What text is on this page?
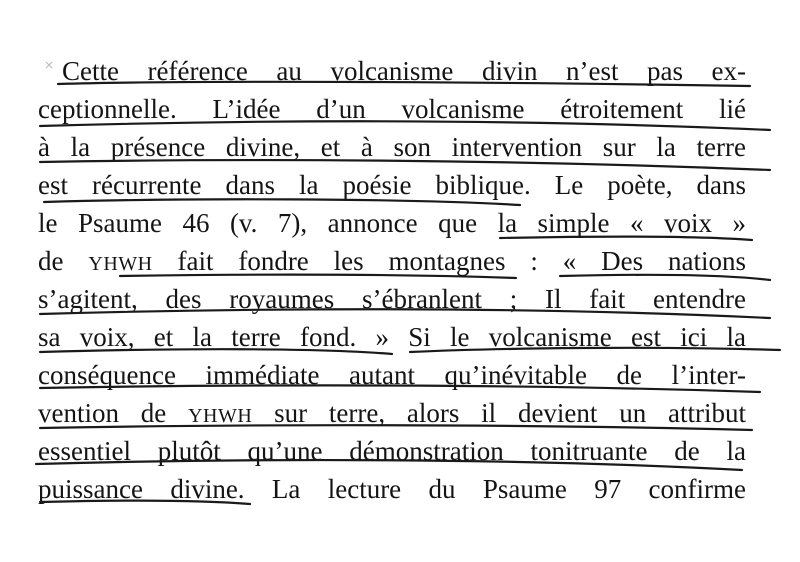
Cette référence au volcanisme divin n’est pas ex-
ceptionnelle. L’idée d’un volcanisme étroitement lié
à la présence divine, et à son intervention sur la terre
est récurrente dans la poésie biblique. Le poète, dans
le Psaume 46 (v. 7), annonce que la simple « voix »
de YHWH fait fondre les montagnes : « Des nations
s’agitent, des royaumes s’ébranlent ; Il fait entendre
sa voix, et la terre fond. » Si le volcanisme est ici la
conséquence immédiate autant qu’inévitable de l’inter-
vention de YHWH sur terre, alors il devient un attribut
essentiel plutôt qu’une démonstration tonitruante de la
puissance divine. La lecture du Psaume 97 confirme
